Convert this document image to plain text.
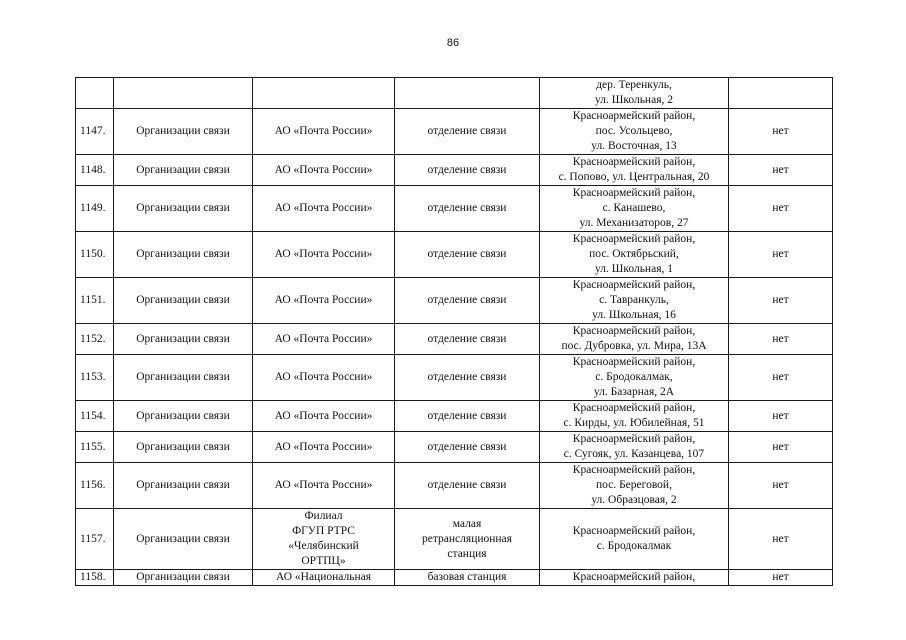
86

				дер. Теренкуль,
ул. Школьная, 2	

1147.	Организации связи	АО «Почта России»	отделение связи	Красноармейский район,
пос. Усольцево,
ул. Восточная, 13	нет
1148.	Организации связи	АО «Почта России»	отделение связи	Красноармейский район,
с. Попово, ул. Центральная, 20	нет
1149.	Организации связи	АО «Почта России»	отделение связи	Красноармейский район,
с. Канашево,
ул. Механизаторов, 27	нет
1150.	Организации связи	АО «Почта России»	отделение связи	Красноармейский район,
пос. Октябрьский,
ул. Школьная, 1	нет
1151.	Организации связи	АО «Почта России»	отделение связи	Красноармейский район,
с. Тавранкуль,
ул. Школьная, 16	нет
1152.	Организации связи	АО «Почта России»	отделение связи	Красноармейский район,
пос. Дубровка, ул. Мира, 13А	нет
1153.	Организации связи	АО «Почта России»	отделение связи	Красноармейский район,
с. Бродокалмак,
ул. Базарная, 2А	нет
1154.	Организации связи	АО «Почта России»	отделение связи	Красноармейский район,
с. Кирды, ул. Юбилейная, 51	нет
1155.	Организации связи	АО «Почта России»	отделение связи	Красноармейский район,
с. Сугояк, ул. Казанцева, 107	нет
1156.	Организации связи	АО «Почта России»	отделение связи	Красноармейский район,
пос. Береговой,
ул. Образцовая, 2	нет
1157.	Организации связи	Филиал
ФГУП РТРС
«Челябинский
ОРТПЦ»	малая
ретрансляционная
станция	Красноармейский район,
с. Бродокалмак	нет
1158.	Организации связи	АО «Национальная	базовая станция	Красноармейский район,	нет
